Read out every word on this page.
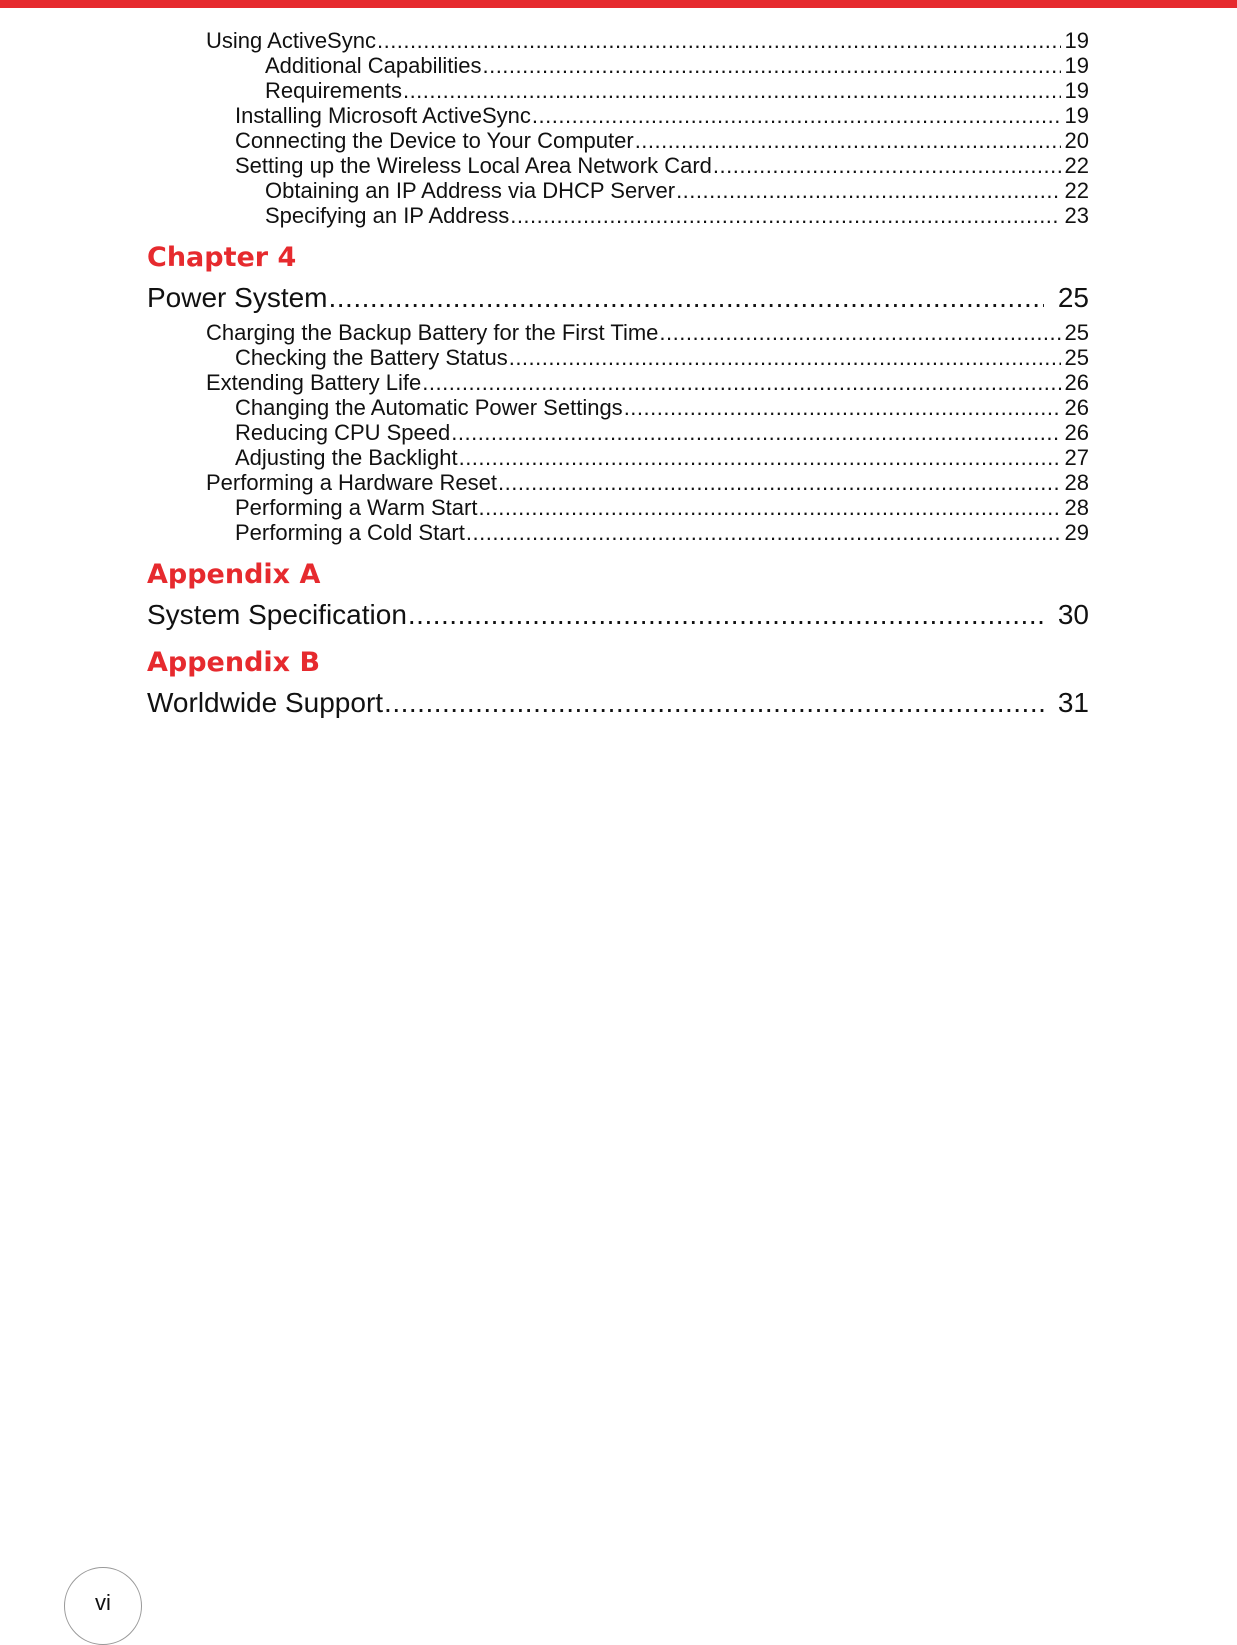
Using ActiveSync .....	19
Additional Capabilities .....	19
Requirements .....	19
Installing Microsoft ActiveSync .....	19
Connecting the Device to Your Computer .....	20
Setting up the Wireless Local Area Network Card .....	22
Obtaining an IP Address via DHCP Server .....	22
Specifying an IP Address .....	23
Chapter 4
Power System .....	25
Charging the Backup Battery for the First Time .....	25
Checking the Battery Status .....	25
Extending Battery Life .....	26
Changing the Automatic Power Settings .....	26
Reducing CPU Speed .....	26
Adjusting the Backlight .....	27
Performing a Hardware Reset .....	28
Performing a Warm Start .....	28
Performing a Cold Start .....	29
Appendix A
System Specification .....	30
Appendix B
Worldwide Support .....	31
vi
